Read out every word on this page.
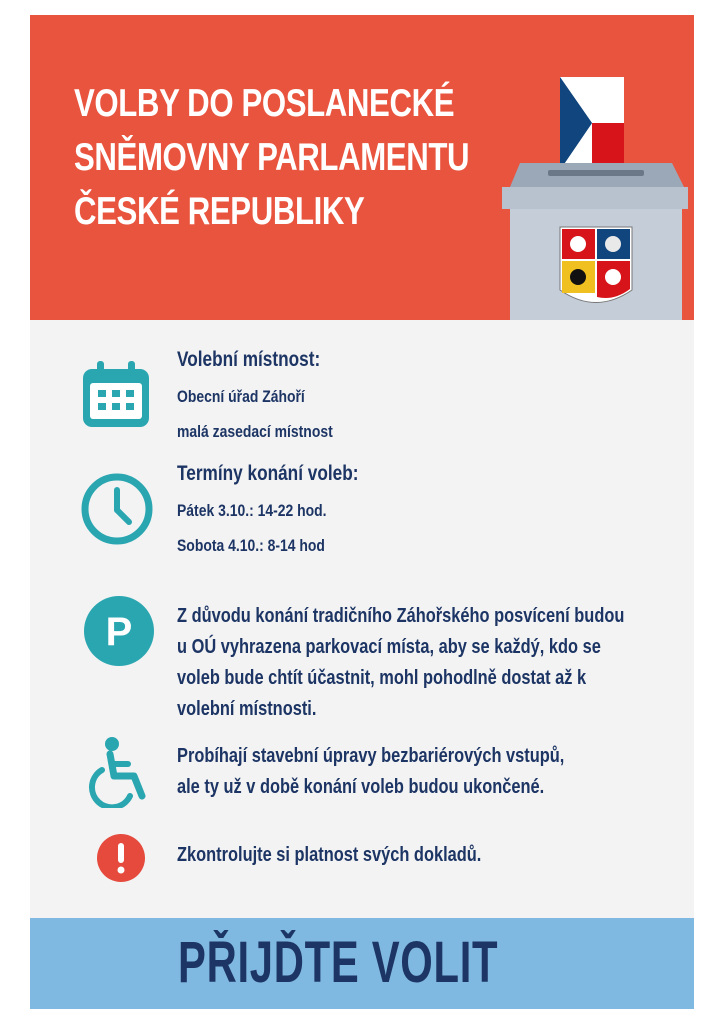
VOLBY DO POSLANECKÉ
SNĚMOVNY PARLAMENTU
ČESKÉ REPUBLIKY
Volební místnost:
Obecní úřad Záhoří
malá zasedací místnost
Termíny konání voleb:
Pátek 3.10.: 14-22 hod.
Sobota 4.10.: 8-14 hod
P Z důvodu konání tradičního Záhořského posvícení budou
u OÚ vyhrazena parkovací místa, aby se každý, kdo se
voleb bude chtít účastnit, mohl pohodlně dostat až k
volební místnosti.
Probíhají stavební úpravy bezbariérových vstupů,
ale ty už v době konání voleb budou ukončené.
Zkontrolujte si platnost svých dokladů.
PŘIJĎTE VOLIT
